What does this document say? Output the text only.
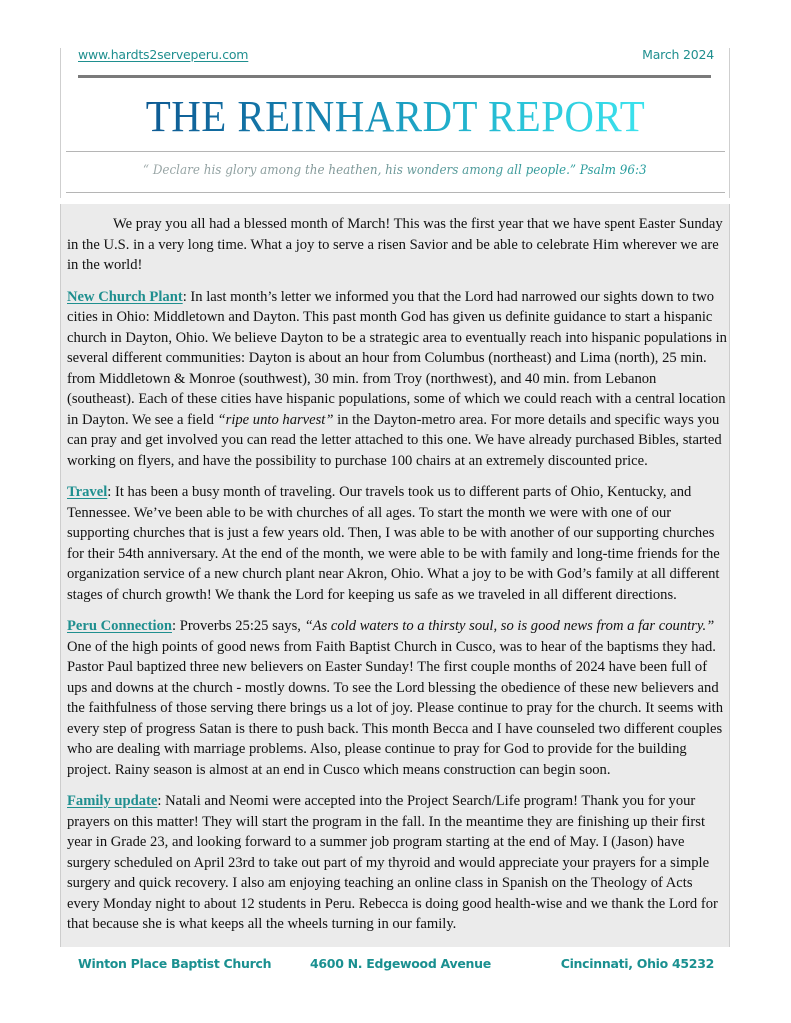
www.hardts2serveperu.com	March 2024
THE REINHARDT REPORT
“ Declare his glory among the heathen, his wonders among all people.” Psalm 96:3

We pray you all had a blessed month of March! This was the first year that we have spent Easter Sunday in the U.S. in a very long time. What a joy to serve a risen Savior and be able to celebrate Him wherever we are in the world!

New Church Plant: In last month’s letter we informed you that the Lord had narrowed our sights down to two cities in Ohio: Middletown and Dayton. This past month God has given us definite guidance to start a hispanic church in Dayton, Ohio. We believe Dayton to be a strategic area to eventually reach into hispanic populations in several different communities: Dayton is about an hour from Columbus (northeast) and Lima (north), 25 min. from Middletown & Monroe (southwest), 30 min. from Troy (northwest), and 40 min. from Lebanon (southeast). Each of these cities have hispanic populations, some of which we could reach with a central location in Dayton. We see a field “ripe unto harvest” in the Dayton-metro area. For more details and specific ways you can pray and get involved you can read the letter attached to this one. We have already purchased Bibles, started working on flyers, and have the possibility to purchase 100 chairs at an extremely discounted price.

Travel: It has been a busy month of traveling. Our travels took us to different parts of Ohio, Kentucky, and Tennessee. We’ve been able to be with churches of all ages. To start the month we were with one of our supporting churches that is just a few years old. Then, I was able to be with another of our supporting churches for their 54th anniversary. At the end of the month, we were able to be with family and long-time friends for the organization service of a new church plant near Akron, Ohio. What a joy to be with God’s family at all different stages of church growth! We thank the Lord for keeping us safe as we traveled in all different directions.

Peru Connection: Proverbs 25:25 says, “As cold waters to a thirsty soul, so is good news from a far country.” One of the high points of good news from Faith Baptist Church in Cusco, was to hear of the baptisms they had. Pastor Paul baptized three new believers on Easter Sunday! The first couple months of 2024 have been full of ups and downs at the church - mostly downs. To see the Lord blessing the obedience of these new believers and the faithfulness of those serving there brings us a lot of joy. Please continue to pray for the church. It seems with every step of progress Satan is there to push back. This month Becca and I have counseled two different couples who are dealing with marriage problems. Also, please continue to pray for God to provide for the building project. Rainy season is almost at an end in Cusco which means construction can begin soon.

Family update: Natali and Neomi were accepted into the Project Search/Life program! Thank you for your prayers on this matter! They will start the program in the fall. In the meantime they are finishing up their first year in Grade 23, and looking forward to a summer job program starting at the end of May. I (Jason) have surgery scheduled on April 23rd to take out part of my thyroid and would appreciate your prayers for a simple surgery and quick recovery. I also am enjoying teaching an online class in Spanish on the Theology of Acts every Monday night to about 12 students in Peru. Rebecca is doing good health-wise and we thank the Lord for that because she is what keeps all the wheels turning in our family.

Winton Place Baptist Church	4600 N. Edgewood Avenue	Cincinnati, Ohio 45232
